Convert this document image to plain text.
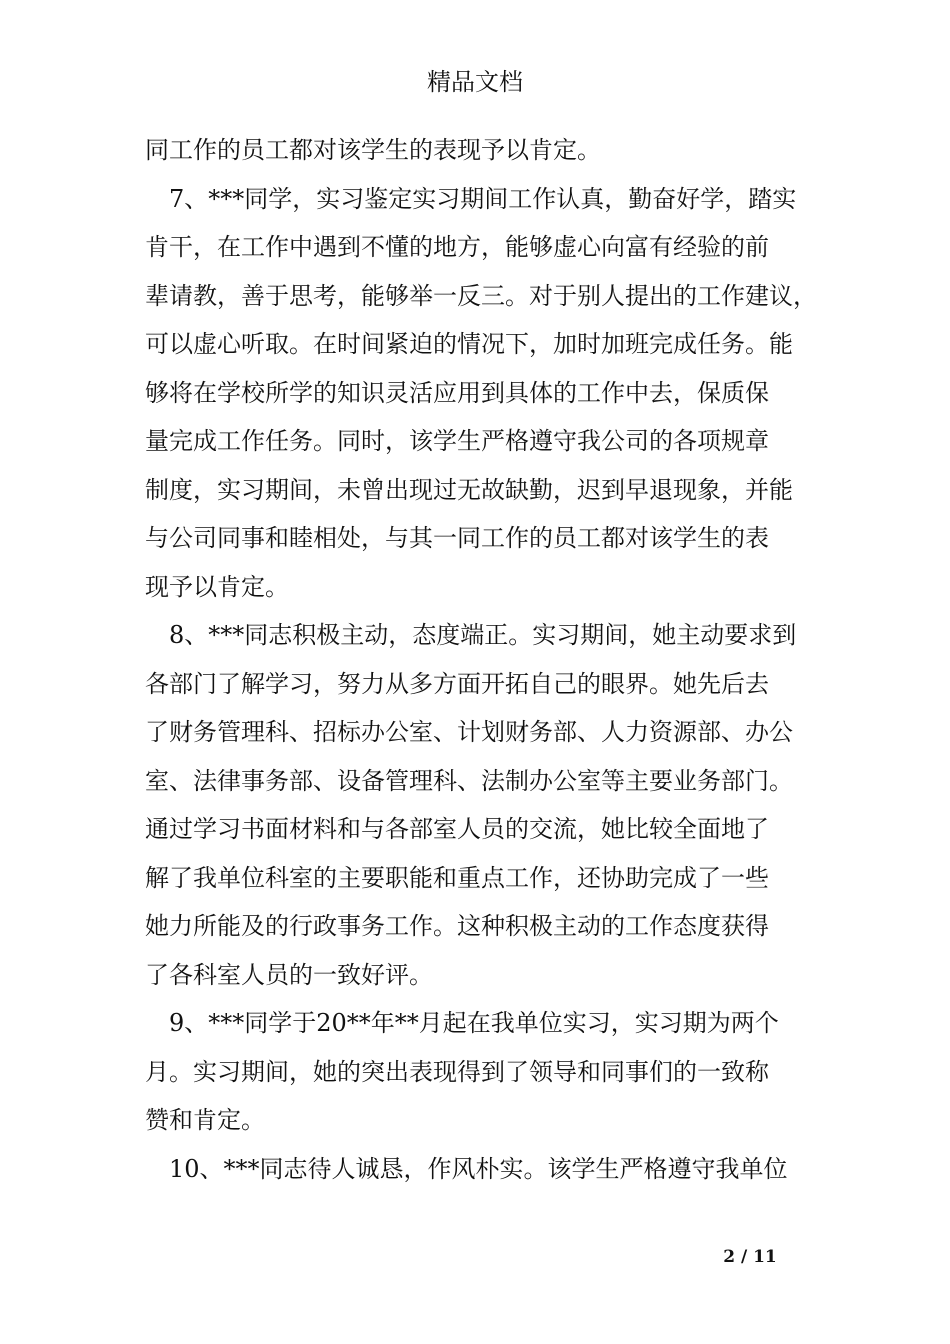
精品文档
同工作的员工都对该学生的表现予以肯定。
7、***同学，实习鉴定实习期间工作认真，勤奋好学，踏实
肯干，在工作中遇到不懂的地方，能够虚心向富有经验的前
辈请教，善于思考，能够举一反三。对于别人提出的工作建议，
可以虚心听取。在时间紧迫的情况下，加时加班完成任务。能
够将在学校所学的知识灵活应用到具体的工作中去，保质保
量完成工作任务。同时，该学生严格遵守我公司的各项规章
制度，实习期间，未曾出现过无故缺勤，迟到早退现象，并能
与公司同事和睦相处，与其一同工作的员工都对该学生的表
现予以肯定。
8、***同志积极主动，态度端正。实习期间，她主动要求到
各部门了解学习，努力从多方面开拓自己的眼界。她先后去
了财务管理科、招标办公室、计划财务部、人力资源部、办公
室、法律事务部、设备管理科、法制办公室等主要业务部门。
通过学习书面材料和与各部室人员的交流，她比较全面地了
解了我单位科室的主要职能和重点工作，还协助完成了一些
她力所能及的行政事务工作。这种积极主动的工作态度获得
了各科室人员的一致好评。
9、***同学于20**年**月起在我单位实习，实习期为两个
月。实习期间，她的突出表现得到了领导和同事们的一致称
赞和肯定。
10、***同志待人诚恳，作风朴实。该学生严格遵守我单位
2 / 11
